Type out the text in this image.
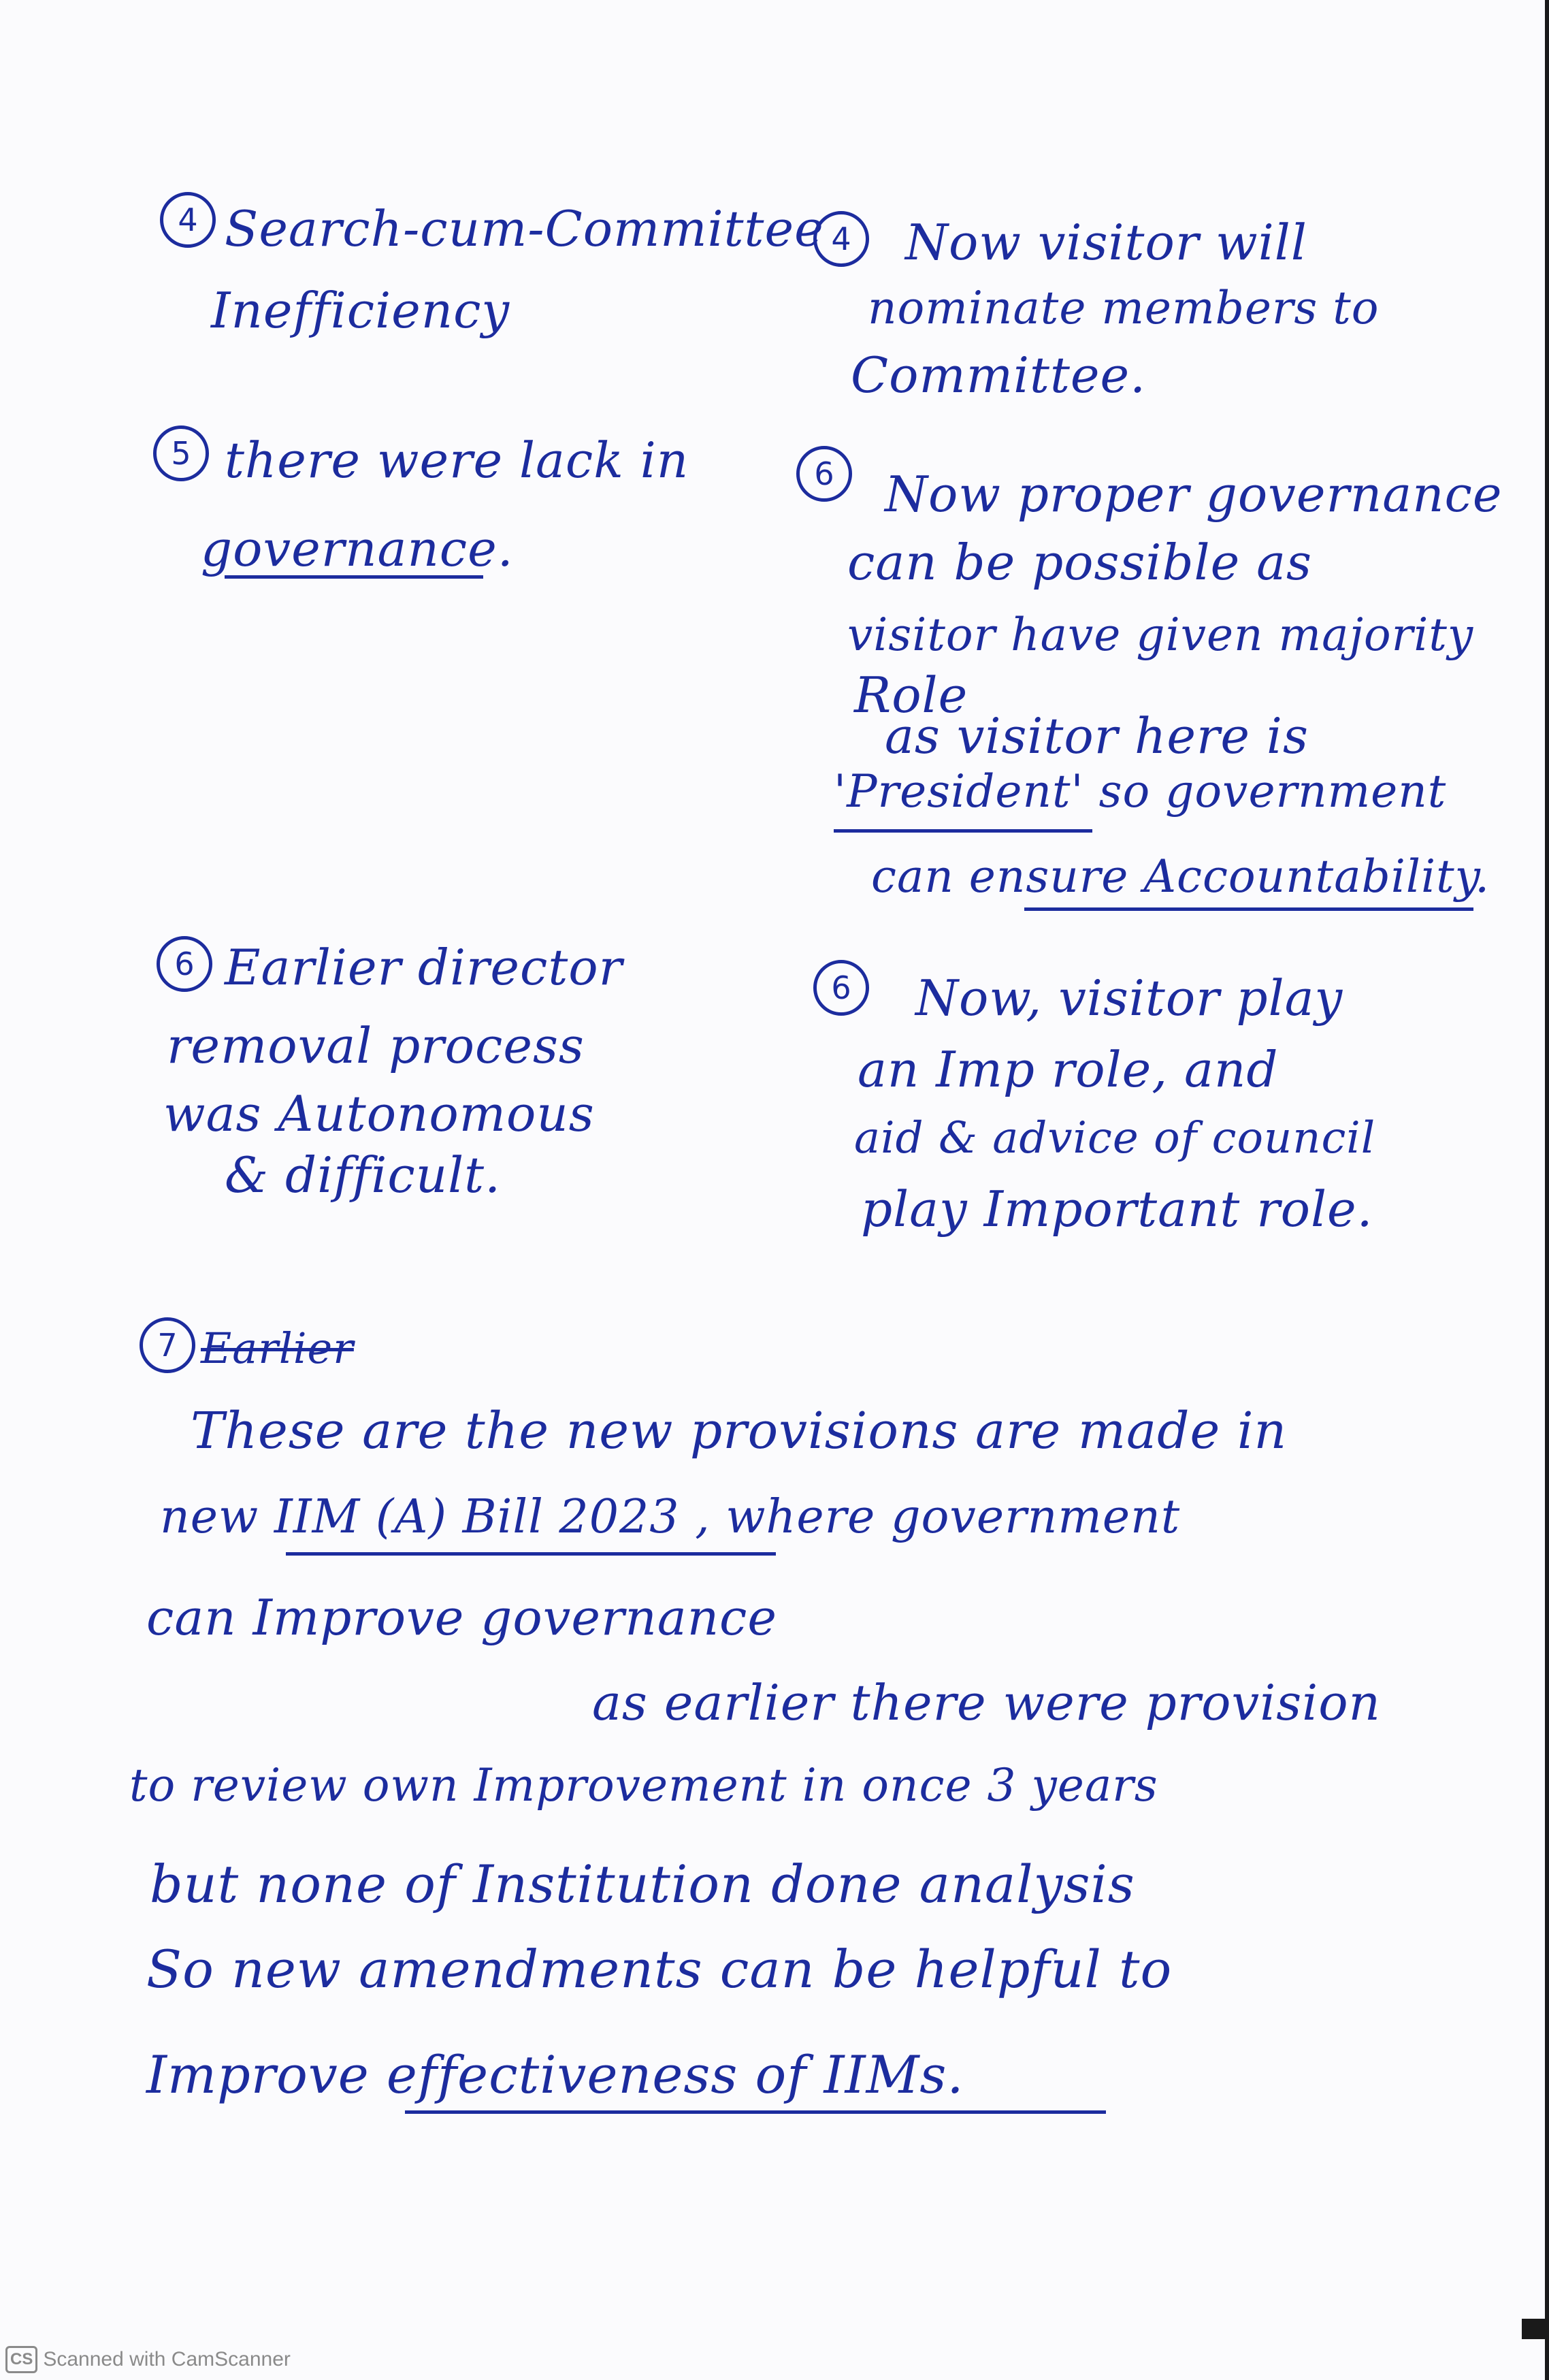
4 Search-cum-Committee
Inefficiency
4	Now visitor will
nominate members to
Committee.
5 there were lack in
governance.
6	Now proper governance
can be possible as
visitor have given majority
Role
as visitor here is
'President' so government
can ensure Accountability.
6 Earlier director
removal process
was Autonomous
& difficult.
6	Now, visitor play
an Imp role, and
aid & advice of council
play Important role.
7 Earlier
These are the new provisions are made in
new IIM (A) Bill 2023 , where government
can Improve governance
as earlier there were provision
to review own Improvement in once 3 years
but none of Institution done analysis
So new amendments can be helpful to
Improve effectiveness of IIMs.
CS Scanned with CamScanner
